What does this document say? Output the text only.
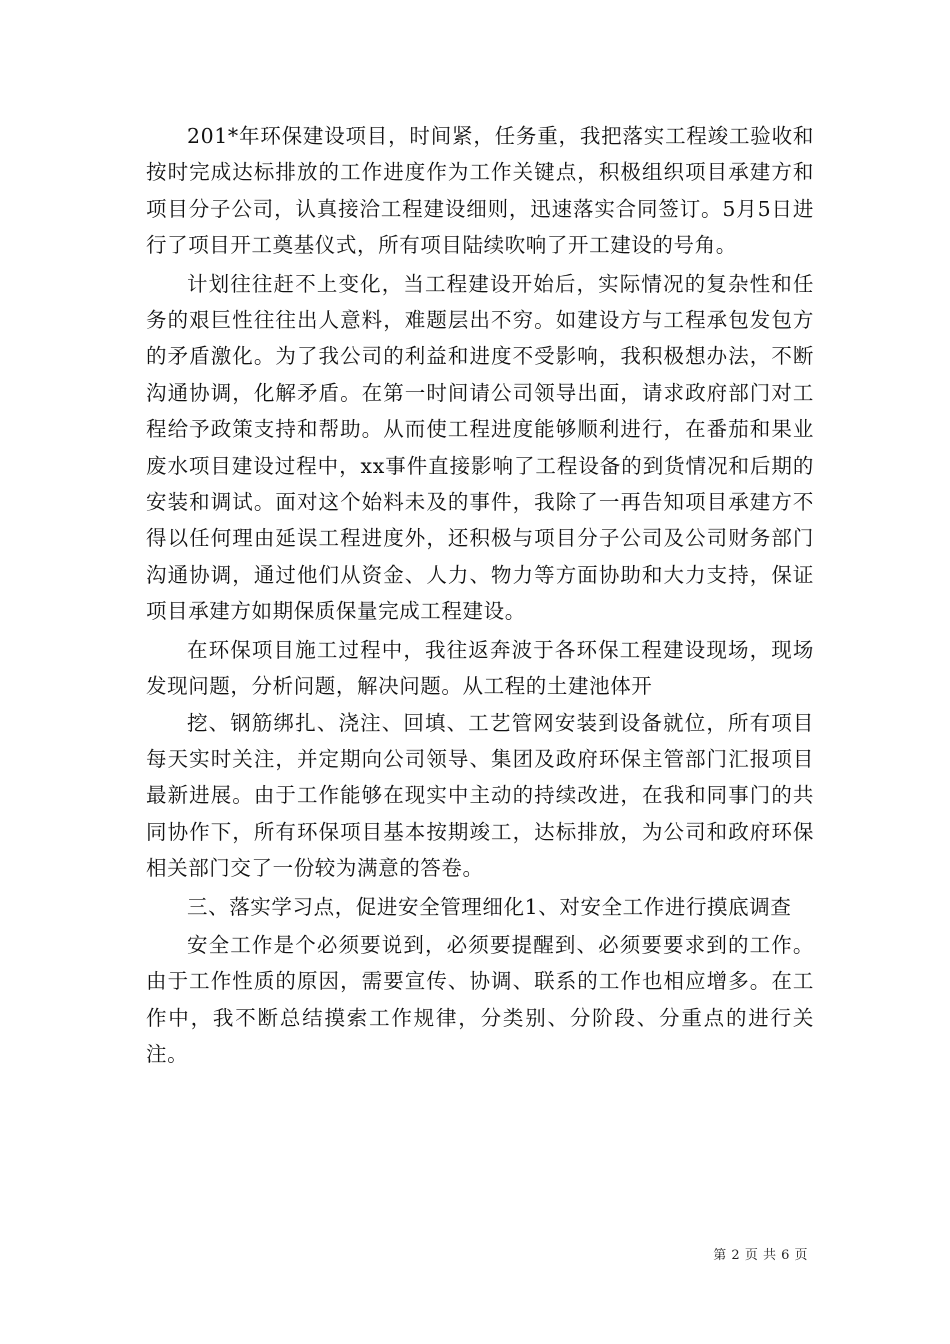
201*年环保建设项目，时间紧，任务重，我把落实工程竣工验收和按时完成达标排放的工作进度作为工作关键点，积极组织项目承建方和项目分子公司，认真接洽工程建设细则，迅速落实合同签订。5月5日进行了项目开工奠基仪式，所有项目陆续吹响了开工建设的号角。

计划往往赶不上变化，当工程建设开始后，实际情况的复杂性和任务的艰巨性往往出人意料，难题层出不穷。如建设方与工程承包发包方的矛盾激化。为了我公司的利益和进度不受影响，我积极想办法，不断沟通协调，化解矛盾。在第一时间请公司领导出面，请求政府部门对工程给予政策支持和帮助。从而使工程进度能够顺利进行，在番茄和果业废水项目建设过程中，xx事件直接影响了工程设备的到货情况和后期的安装和调试。面对这个始料未及的事件，我除了一再告知项目承建方不得以任何理由延误工程进度外，还积极与项目分子公司及公司财务部门沟通协调，通过他们从资金、人力、物力等方面协助和大力支持，保证项目承建方如期保质保量完成工程建设。

在环保项目施工过程中，我往返奔波于各环保工程建设现场，现场发现问题，分析问题，解决问题。从工程的土建池体开

挖、钢筋绑扎、浇注、回填、工艺管网安装到设备就位，所有项目每天实时关注，并定期向公司领导、集团及政府环保主管部门汇报项目最新进展。由于工作能够在现实中主动的持续改进，在我和同事门的共同协作下，所有环保项目基本按期竣工，达标排放，为公司和政府环保相关部门交了一份较为满意的答卷。

三、落实学习点，促进安全管理细化1、对安全工作进行摸底调查

安全工作是个必须要说到，必须要提醒到、必须要要求到的工作。由于工作性质的原因，需要宣传、协调、联系的工作也相应增多。在工作中，我不断总结摸索工作规律，分类别、分阶段、分重点的进行关注。

第 2 页 共 6 页
